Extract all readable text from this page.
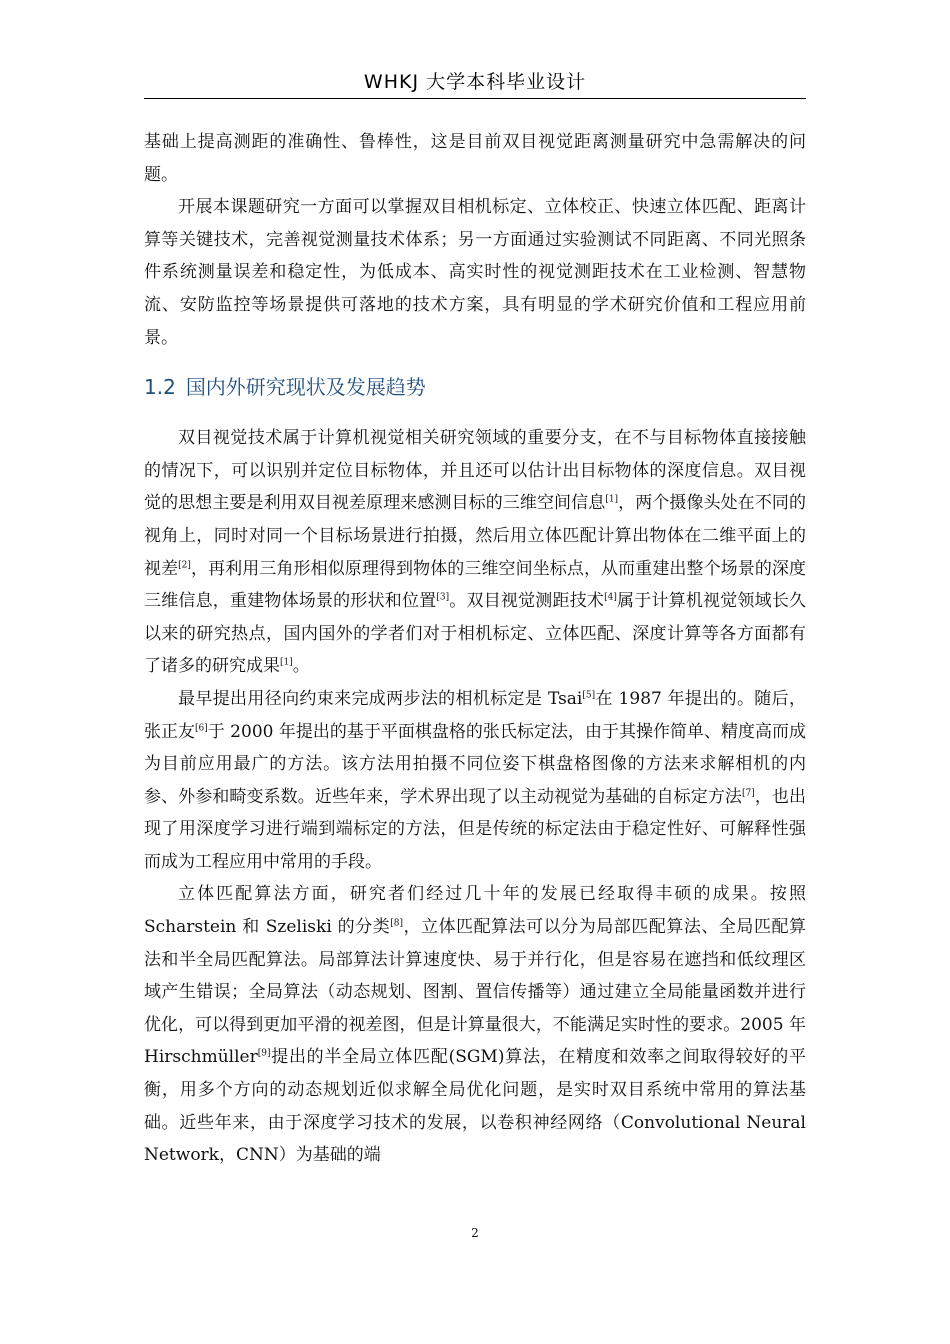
WHKJ 大学本科毕业设计

基础上提高测距的准确性、鲁棒性，这是目前双目视觉距离测量研究中急需解决的问题。

开展本课题研究一方面可以掌握双目相机标定、立体校正、快速立体匹配、距离计算等关键技术，完善视觉测量技术体系；另一方面通过实验测试不同距离、不同光照条件系统测量误差和稳定性，为低成本、高实时性的视觉测距技术在工业检测、智慧物流、安防监控等场景提供可落地的技术方案，具有明显的学术研究价值和工程应用前景。

1.2 国内外研究现状及发展趋势

双目视觉技术属于计算机视觉相关研究领域的重要分支，在不与目标物体直接接触的情况下，可以识别并定位目标物体，并且还可以估计出目标物体的深度信息。双目视觉的思想主要是利用双目视差原理来感测目标的三维空间信息[1]，两个摄像头处在不同的视角上，同时对同一个目标场景进行拍摄，然后用立体匹配计算出物体在二维平面上的视差[2]，再利用三角形相似原理得到物体的三维空间坐标点，从而重建出整个场景的深度三维信息，重建物体场景的形状和位置[3]。双目视觉测距技术[4]属于计算机视觉领域长久以来的研究热点，国内国外的学者们对于相机标定、立体匹配、深度计算等各方面都有了诸多的研究成果[1]。

最早提出用径向约束来完成两步法的相机标定是 Tsai[5]在 1987 年提出的。随后，张正友[6]于 2000 年提出的基于平面棋盘格的张氏标定法，由于其操作简单、精度高而成为目前应用最广的方法。该方法用拍摄不同位姿下棋盘格图像的方法来求解相机的内参、外参和畸变系数。近些年来，学术界出现了以主动视觉为基础的自标定方法[7]，也出现了用深度学习进行端到端标定的方法，但是传统的标定法由于稳定性好、可解释性强而成为工程应用中常用的手段。

立体匹配算法方面，研究者们经过几十年的发展已经取得丰硕的成果。按照 Scharstein 和 Szeliski 的分类[8]，立体匹配算法可以分为局部匹配算法、全局匹配算法和半全局匹配算法。局部算法计算速度快、易于并行化，但是容易在遮挡和低纹理区域产生错误；全局算法（动态规划、图割、置信传播等）通过建立全局能量函数并进行优化，可以得到更加平滑的视差图，但是计算量很大，不能满足实时性的要求。2005 年 Hirschmüller[9]提出的半全局立体匹配(SGM)算法，在精度和效率之间取得较好的平衡，用多个方向的动态规划近似求解全局优化问题，是实时双目系统中常用的算法基础。近些年来，由于深度学习技术的发展，以卷积神经网络（Convolutional Neural Network，CNN）为基础的端

2
